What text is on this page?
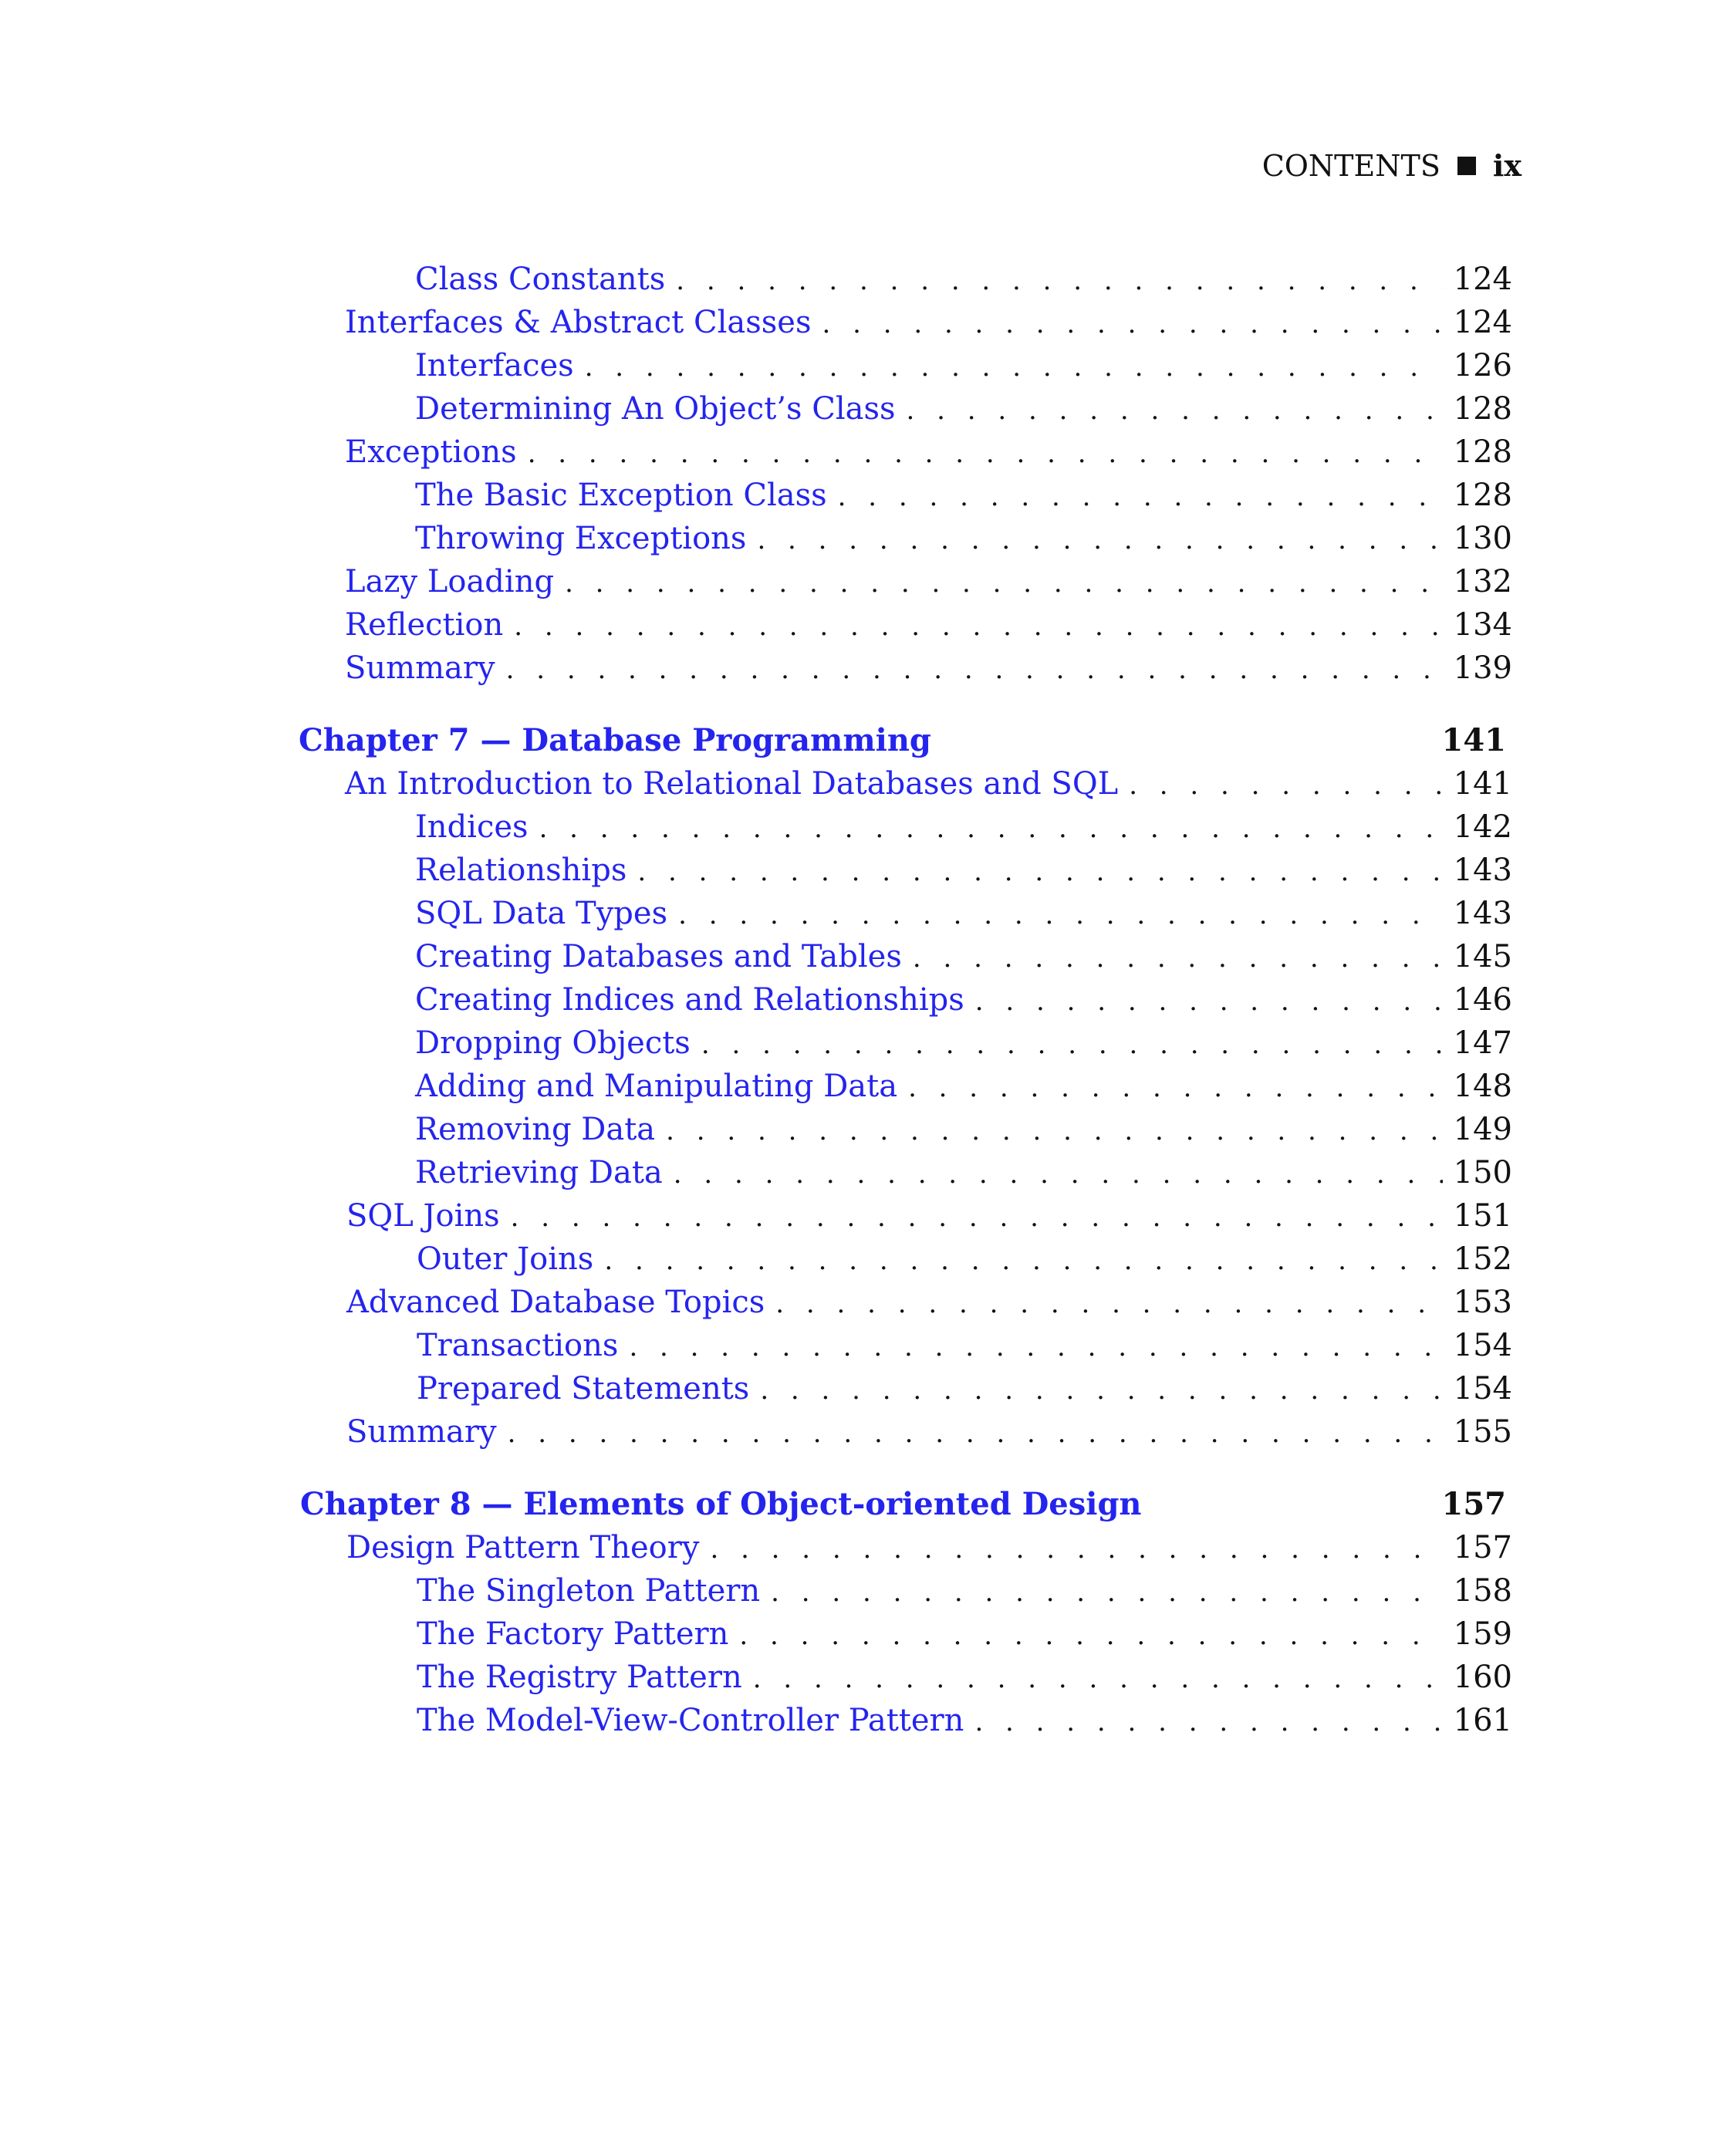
CONTENTS ix
Class Constants . . .	124
Interfaces & Abstract Classes . . .	124
Interfaces . . .	126
Determining An Object’s Class . . .	128
Exceptions . . .	128
The Basic Exception Class . . .	128
Throwing Exceptions . . .	130
Lazy Loading . . .	132
Reflection . . .	134
Summary . . .	139
Chapter 7 — Database Programming	141
An Introduction to Relational Databases and SQL . . .	141
Indices . . .	142
Relationships . . .	143
SQL Data Types . . .	143
Creating Databases and Tables . . .	145
Creating Indices and Relationships . . .	146
Dropping Objects . . .	147
Adding and Manipulating Data . . .	148
Removing Data . . .	149
Retrieving Data . . .	150
SQL Joins . . .	151
Outer Joins . . .	152
Advanced Database Topics . . .	153
Transactions . . .	154
Prepared Statements . . .	154
Summary . . .	155
Chapter 8 — Elements of Object-oriented Design	157
Design Pattern Theory . . .	157
The Singleton Pattern . . .	158
The Factory Pattern . . .	159
The Registry Pattern . . .	160
The Model-View-Controller Pattern . . .	161
